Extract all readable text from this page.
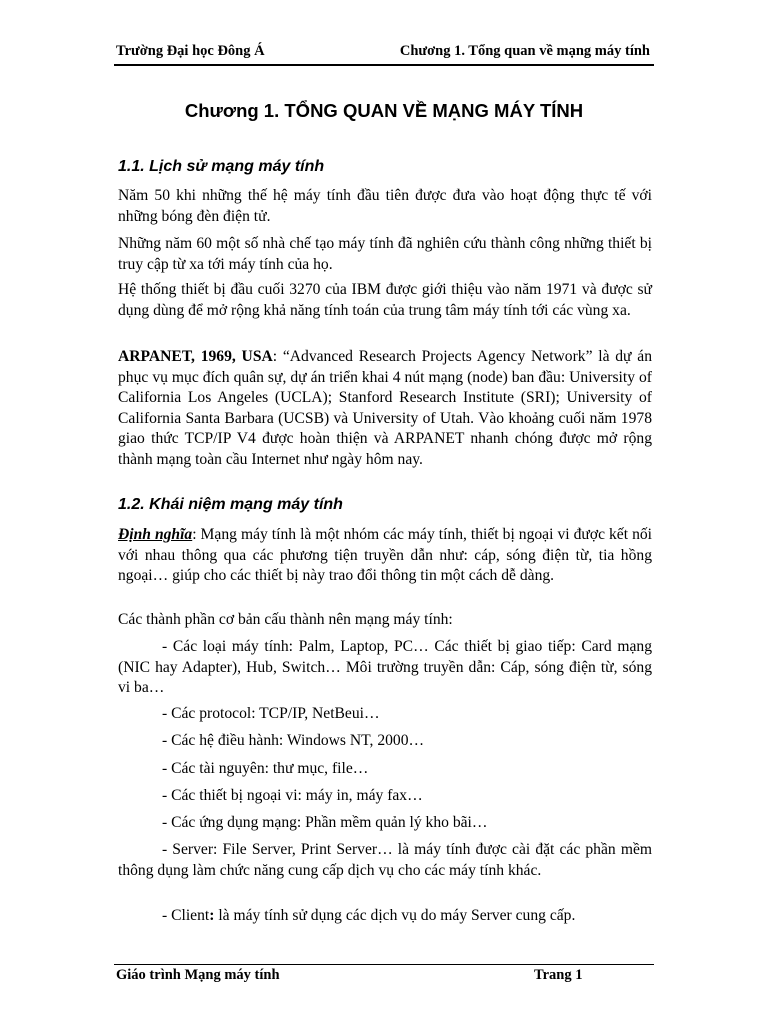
Trường Đại học Đông Á	Chương 1. Tổng quan về mạng máy tính
Chương 1. TỔNG QUAN VỀ MẠNG MÁY TÍNH
1.1. Lịch sử mạng máy tính
Năm 50 khi những thế hệ máy tính đầu tiên được đưa vào hoạt động thực tế với những bóng đèn điện tử.
Những năm 60 một số nhà chế tạo máy tính đã nghiên cứu thành công những thiết bị truy cập từ xa tới máy tính của họ.
Hệ thống thiết bị đầu cuối 3270 của IBM được giới thiệu vào năm 1971 và được sử dụng dùng để mở rộng khả năng tính toán của trung tâm máy tính tới các vùng xa.
ARPANET, 1969, USA: “Advanced Research Projects Agency Network” là dự án phục vụ mục đích quân sự, dự án triển khai 4 nút mạng (node) ban đầu: University of California Los Angeles (UCLA); Stanford Research Institute (SRI); University of California Santa Barbara (UCSB) và University of Utah. Vào khoảng cuối năm 1978 giao thức TCP/IP V4 được hoàn thiện và ARPANET nhanh chóng được mở rộng thành mạng toàn cầu Internet như ngày hôm nay.
1.2. Khái niệm mạng máy tính
Định nghĩa: Mạng máy tính là một nhóm các máy tính, thiết bị ngoại vi được kết nối với nhau thông qua các phương tiện truyền dẫn như: cáp, sóng điện từ, tia hồng ngoại… giúp cho các thiết bị này trao đổi thông tin một cách dễ dàng.
Các thành phần cơ bản cấu thành nên mạng máy tính:
- Các loại máy tính: Palm, Laptop, PC… Các thiết bị giao tiếp: Card mạng (NIC hay Adapter), Hub, Switch… Môi trường truyền dẫn: Cáp, sóng điện từ, sóng vi ba…
- Các protocol: TCP/IP, NetBeui…
- Các hệ điều hành: Windows NT, 2000…
- Các tài nguyên: thư mục, file…
- Các thiết bị ngoại vi: máy in, máy fax…
- Các ứng dụng mạng: Phần mềm quản lý kho bãi…
- Server: File Server, Print Server… là máy tính được cài đặt các phần mềm thông dụng làm chức năng cung cấp dịch vụ cho các máy tính khác.
- Client: là máy tính sử dụng các dịch vụ do máy Server cung cấp.
Giáo trình Mạng máy tính	Trang 1
